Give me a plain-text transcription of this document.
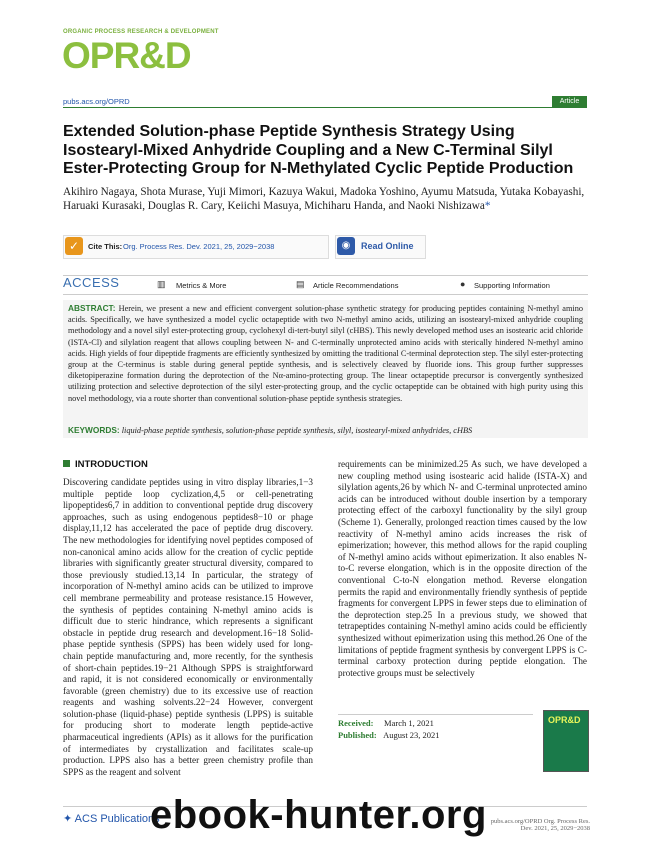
ORGANIC PROCESS RESEARCH & DEVELOPMENT
OPR&D
pubs.acs.org/OPRD	Article
Extended Solution-phase Peptide Synthesis Strategy Using Isostearyl-Mixed Anhydride Coupling and a New C-Terminal Silyl Ester-Protecting Group for N-Methylated Cyclic Peptide Production
Akihiro Nagaya, Shota Murase, Yuji Mimori, Kazuya Wakui, Madoka Yoshino, Ayumu Matsuda, Yutaka Kobayashi, Haruaki Kurasaki, Douglas R. Cary, Keiichi Masuya, Michiharu Handa, and Naoki Nishizawa*
✓	Cite This: Org. Process Res. Dev. 2021, 25, 2029−2038	◉	Read Online
ACCESS	▥ Metrics & More	▤ Article Recommendations	● Supporting Information
ABSTRACT: Herein, we present a new and efficient convergent solution-phase synthetic strategy for producing peptides containing N-methyl amino acids. Specifically, we have synthesized a model cyclic octapeptide with two N-methyl amino acids, utilizing an isostearyl-mixed anhydride coupling methodology and a novel silyl ester-protecting group, cyclohexyl di-tert-butyl silyl (cHBS). This newly developed method uses an isostearic acid chloride (ISTA-Cl) and silylation reagent that allows coupling between N- and C-terminally unprotected amino acids with sterically hindered N-methyl amino acids. High yields of four dipeptide fragments are efficiently synthesized by omitting the traditional C-terminal deprotection step. The silyl ester-protecting group at the C-terminus is stable during general peptide synthesis, and is selectively cleaved by fluoride ions. This group further suppresses diketopiperazine formation during the deprotection of the Nα-amino-protecting group. The linear octapeptide precursor is convergently synthesized utilizing protection and selective deprotection of the silyl ester-protecting group, and the cyclic octapeptide can be obtained with high purity using this novel methodology, via a route shorter than conventional solution-phase peptide synthesis strategies.
KEYWORDS: liquid-phase peptide synthesis, solution-phase peptide synthesis, silyl, isostearyl-mixed anhydrides, cHBS
INTRODUCTION
Discovering candidate peptides using in vitro display libraries,1−3 multiple peptide loop cyclization,4,5 or cell-penetrating lipopeptides6,7 in addition to conventional peptide drug discovery approaches, such as using endogenous peptides8−10 or phage display,11,12 has accelerated the pace of peptide drug discovery. The new methodologies for identifying novel peptides composed of non-canonical amino acids allow for the creation of cyclic peptide libraries with significantly greater structural diversity, compared to those previously studied.13,14 In particular, the strategy of incorporation of N-methyl amino acids can be utilized to improve cell membrane permeability and protease resistance.15 However, the synthesis of peptides containing N-methyl amino acids is difficult due to steric hindrance, which represents a significant obstacle in peptide drug research and development.16−18 Solid-phase peptide synthesis (SPPS) has been widely used for long-chain peptide manufacturing and, more recently, for the synthesis of short-chain peptides.19−21 Although SPPS is straightforward and rapid, it is not considered economically or environmentally favorable (green chemistry) due to its excessive use of reaction reagents and washing solvents.22−24 However, convergent solution-phase (liquid-phase) peptide synthesis (LPPS) is suitable for producing short to moderate length peptide-active pharmaceutical ingredients (APIs) as it allows for the purification of intermediates by crystallization and facilitates scale-up production. LPPS also has a better green chemistry profile than SPPS as the reagent and solvent
requirements can be minimized.25 As such, we have developed a new coupling method using isostearic acid halide (ISTA-X) and silylation agents,26 by which N- and C-terminal unprotected amino acids can be introduced without double insertion by a temporary protecting effect of the carboxyl functionality by the silyl group (Scheme 1). Generally, prolonged reaction times caused by the low reactivity of N-methyl amino acids increases the risk of epimerization; however, this method allows for the rapid coupling of N-methyl amino acids without epimerization. It also enables N-to-C reverse elongation, which is in the opposite direction of the conventional C-to-N elongation method. Reverse elongation permits the rapid and environmentally friendly synthesis of peptide fragments for convergent LPPS in fewer steps due to elimination of the deprotection step.25 In a previous study, we showed that tetrapeptides containing N-methyl amino acids could be efficiently synthesized without epimerization using this method.26 One of the limitations of peptide fragment synthesis by convergent LPPS is C-terminal carboxy protection during peptide elongation. The protective groups must be selectively
Received: March 1, 2021
Published: August 23, 2021
OPR&D
✦ ACS Publications	pubs.acs.org/OPRD Org. Process Res. Dev. 2021, 25, 2029−2038
ebook-hunter.org
